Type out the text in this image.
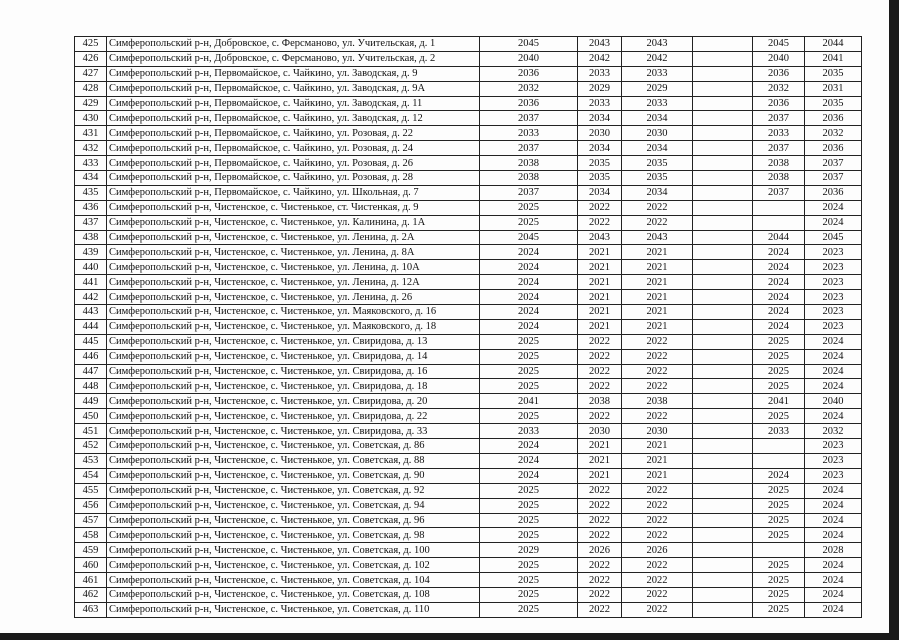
425	Симферопольский р-н, Добровское, с. Ферсманово, ул. Учительская, д. 1	2045	2043	2043		2045	2044
426	Симферопольский р-н, Добровское, с. Ферсманово, ул. Учительская, д. 2	2040	2042	2042		2040	2041
427	Симферопольский р-н, Первомайское, с. Чайкино, ул. Заводская, д. 9	2036	2033	2033		2036	2035
428	Симферопольский р-н, Первомайское, с. Чайкино, ул. Заводская, д. 9А	2032	2029	2029		2032	2031
429	Симферопольский р-н, Первомайское, с. Чайкино, ул. Заводская, д. 11	2036	2033	2033		2036	2035
430	Симферопольский р-н, Первомайское, с. Чайкино, ул. Заводская, д. 12	2037	2034	2034		2037	2036
431	Симферопольский р-н, Первомайское, с. Чайкино, ул. Розовая, д. 22	2033	2030	2030		2033	2032
432	Симферопольский р-н, Первомайское, с. Чайкино, ул. Розовая, д. 24	2037	2034	2034		2037	2036
433	Симферопольский р-н, Первомайское, с. Чайкино, ул. Розовая, д. 26	2038	2035	2035		2038	2037
434	Симферопольский р-н, Первомайское, с. Чайкино, ул. Розовая, д. 28	2038	2035	2035		2038	2037
435	Симферопольский р-н, Первомайское, с. Чайкино, ул. Школьная, д. 7	2037	2034	2034		2037	2036
436	Симферопольский р-н, Чистенское, с. Чистенькое, ст. Чистенкая, д. 9	2025	2022	2022			2024
437	Симферопольский р-н, Чистенское, с. Чистенькое, ул. Калинина, д. 1А	2025	2022	2022			2024
438	Симферопольский р-н, Чистенское, с. Чистенькое, ул. Ленина, д. 2А	2045	2043	2043		2044	2045
439	Симферопольский р-н, Чистенское, с. Чистенькое, ул. Ленина, д. 8А	2024	2021	2021		2024	2023
440	Симферопольский р-н, Чистенское, с. Чистенькое, ул. Ленина, д. 10А	2024	2021	2021		2024	2023
441	Симферопольский р-н, Чистенское, с. Чистенькое, ул. Ленина, д. 12А	2024	2021	2021		2024	2023
442	Симферопольский р-н, Чистенское, с. Чистенькое, ул. Ленина, д. 26	2024	2021	2021		2024	2023
443	Симферопольский р-н, Чистенское, с. Чистенькое, ул. Маяковского, д. 16	2024	2021	2021		2024	2023
444	Симферопольский р-н, Чистенское, с. Чистенькое, ул. Маяковского, д. 18	2024	2021	2021		2024	2023
445	Симферопольский р-н, Чистенское, с. Чистенькое, ул. Свиридова, д. 13	2025	2022	2022		2025	2024
446	Симферопольский р-н, Чистенское, с. Чистенькое, ул. Свиридова, д. 14	2025	2022	2022		2025	2024
447	Симферопольский р-н, Чистенское, с. Чистенькое, ул. Свиридова, д. 16	2025	2022	2022		2025	2024
448	Симферопольский р-н, Чистенское, с. Чистенькое, ул. Свиридова, д. 18	2025	2022	2022		2025	2024
449	Симферопольский р-н, Чистенское, с. Чистенькое, ул. Свиридова, д. 20	2041	2038	2038		2041	2040
450	Симферопольский р-н, Чистенское, с. Чистенькое, ул. Свиридова, д. 22	2025	2022	2022		2025	2024
451	Симферопольский р-н, Чистенское, с. Чистенькое, ул. Свиридова, д. 33	2033	2030	2030		2033	2032
452	Симферопольский р-н, Чистенское, с. Чистенькое, ул. Советская, д. 86	2024	2021	2021			2023
453	Симферопольский р-н, Чистенское, с. Чистенькое, ул. Советская, д. 88	2024	2021	2021			2023
454	Симферопольский р-н, Чистенское, с. Чистенькое, ул. Советская, д. 90	2024	2021	2021		2024	2023
455	Симферопольский р-н, Чистенское, с. Чистенькое, ул. Советская, д. 92	2025	2022	2022		2025	2024
456	Симферопольский р-н, Чистенское, с. Чистенькое, ул. Советская, д. 94	2025	2022	2022		2025	2024
457	Симферопольский р-н, Чистенское, с. Чистенькое, ул. Советская, д. 96	2025	2022	2022		2025	2024
458	Симферопольский р-н, Чистенское, с. Чистенькое, ул. Советская, д. 98	2025	2022	2022		2025	2024
459	Симферопольский р-н, Чистенское, с. Чистенькое, ул. Советская, д. 100	2029	2026	2026			2028
460	Симферопольский р-н, Чистенское, с. Чистенькое, ул. Советская, д. 102	2025	2022	2022		2025	2024
461	Симферопольский р-н, Чистенское, с. Чистенькое, ул. Советская, д. 104	2025	2022	2022		2025	2024
462	Симферопольский р-н, Чистенское, с. Чистенькое, ул. Советская, д. 108	2025	2022	2022		2025	2024
463	Симферопольский р-н, Чистенское, с. Чистенькое, ул. Советская, д. 110	2025	2022	2022		2025	2024
